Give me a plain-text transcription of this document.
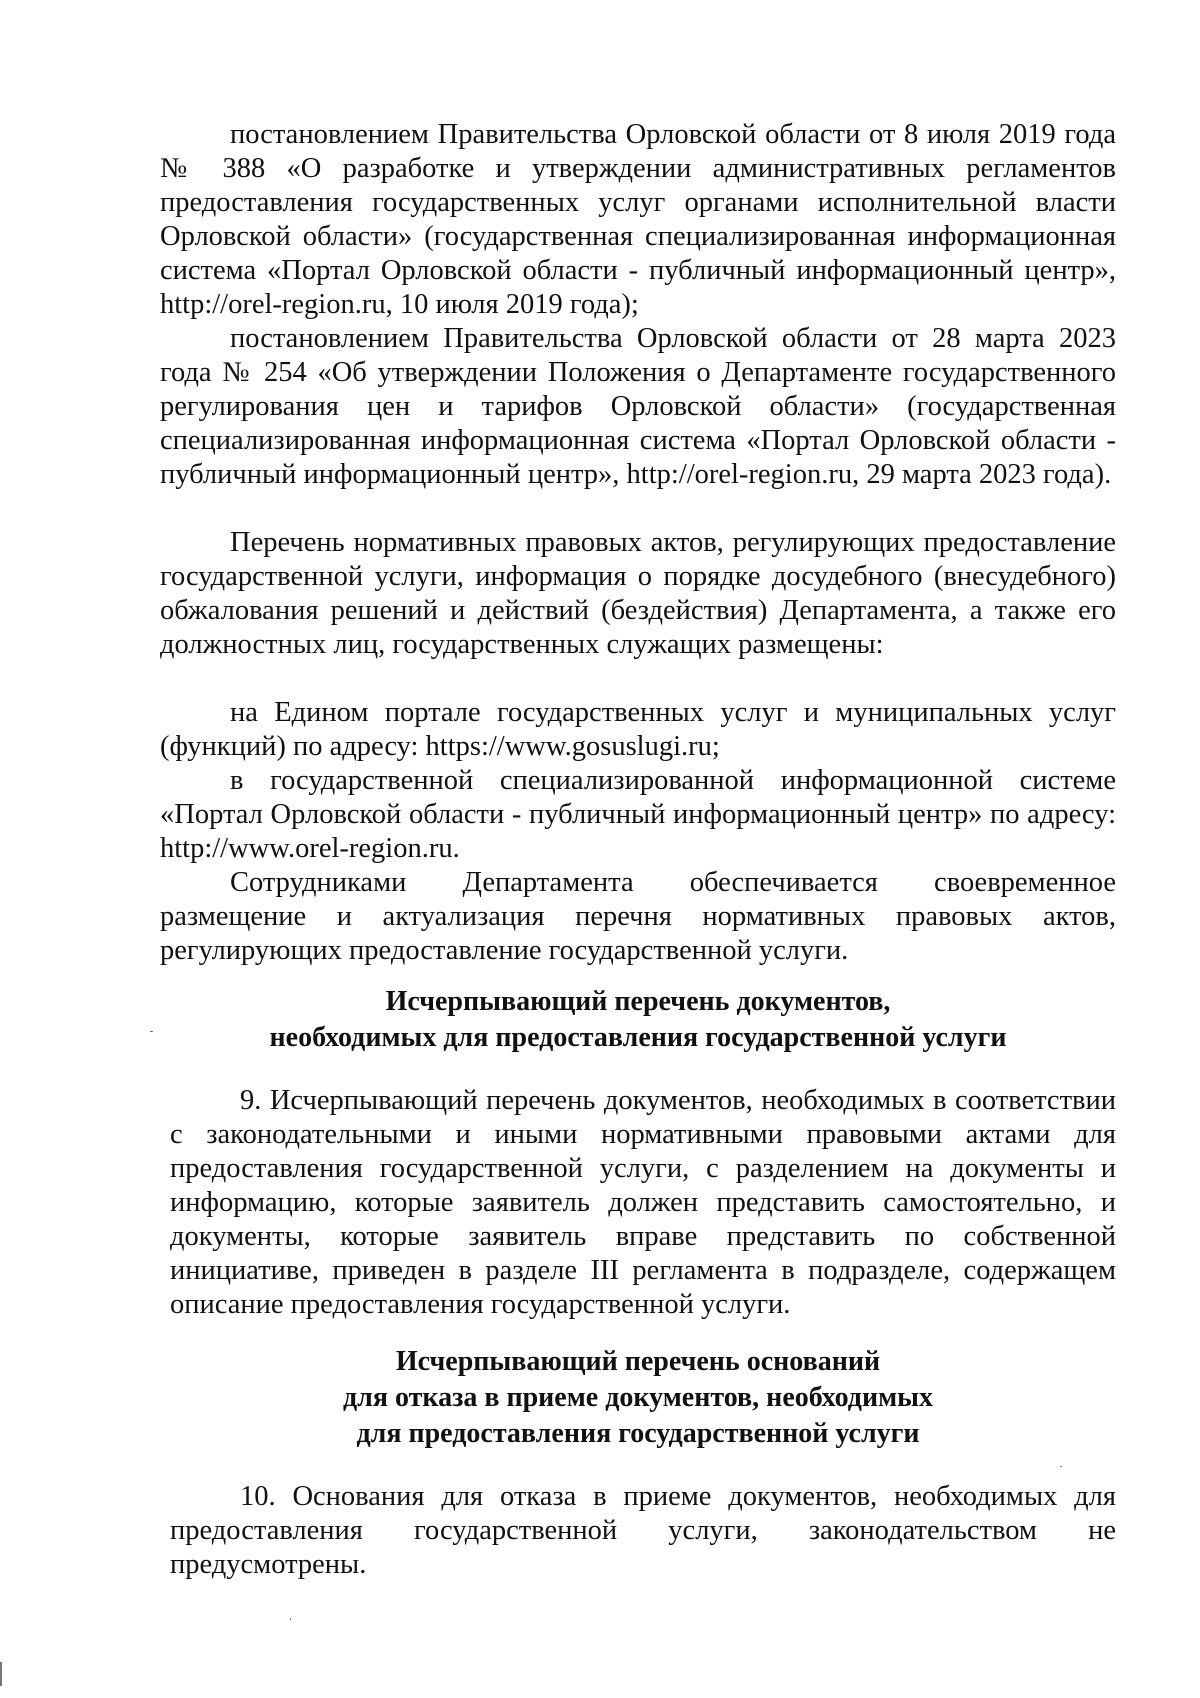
постановлением Правительства Орловской области от 8 июля 2019 года № 388 «О разработке и утверждении административных регламентов предоставления государственных услуг органами исполнительной власти Орловской области» (государственная специализированная информационная система «Портал Орловской области - публичный информационный центр», http://orel-region.ru, 10 июля 2019 года);

постановлением Правительства Орловской области от 28 марта 2023 года № 254 «Об утверждении Положения о Департаменте государственного регулирования цен и тарифов Орловской области» (государственная специализированная информационная система «Портал Орловской области - публичный информационный центр», http://orel-region.ru, 29 марта 2023 года).

Перечень нормативных правовых актов, регулирующих предоставление государственной услуги, информация о порядке досудебного (внесудебного) обжалования решений и действий (бездействия) Департамента, а также его должностных лиц, государственных служащих размещены:

на Едином портале государственных услуг и муниципальных услуг (функций) по адресу: https://www.gosuslugi.ru;

в государственной специализированной информационной системе «Портал Орловской области - публичный информационный центр» по адресу: http://www.orel-region.ru.

Сотрудниками Департамента обеспечивается своевременное размещение и актуализация перечня нормативных правовых актов, регулирующих предоставление государственной услуги.

Исчерпывающий перечень документов,
необходимых для предоставления государственной услуги

9. Исчерпывающий перечень документов, необходимых в соответствии с законодательными и иными нормативными правовыми актами для предоставления государственной услуги, с разделением на документы и информацию, которые заявитель должен представить самостоятельно, и документы, которые заявитель вправе представить по собственной инициативе, приведен в разделе III регламента в подразделе, содержащем описание предоставления государственной услуги.

Исчерпывающий перечень оснований
для отказа в приеме документов, необходимых
для предоставления государственной услуги

10. Основания для отказа в приеме документов, необходимых для предоставления государственной услуги, законодательством не предусмотрены.
